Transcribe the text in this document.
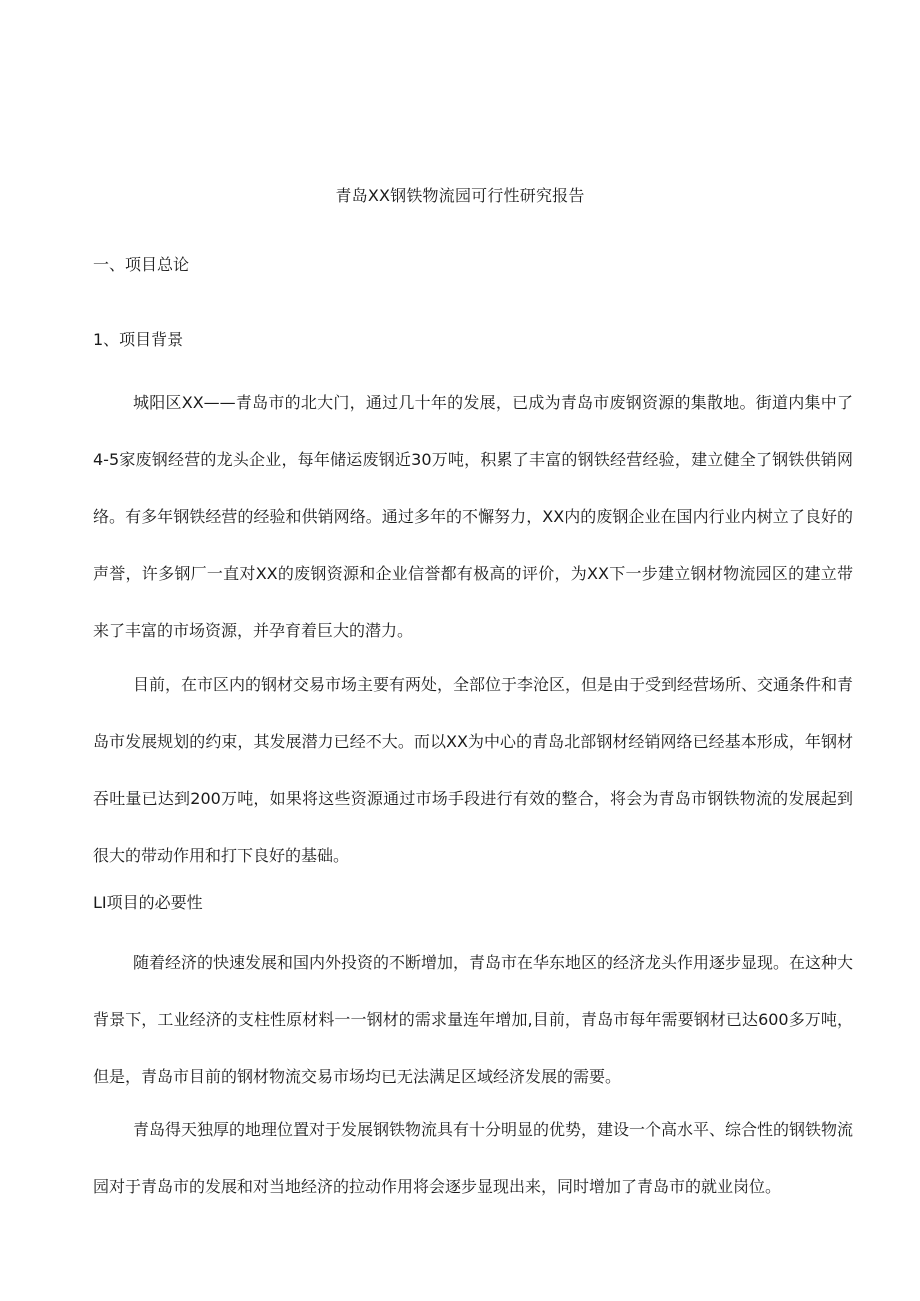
青岛XX钢铁物流园可行性研究报告
一、项目总论
1、项目背景

城阳区XX——青岛市的北大门，通过几十年的发展，已成为青岛市废钢资源的集散地。街道内集中了4-5家废钢经营的龙头企业，每年储运废钢近30万吨，积累了丰富的钢铁经营经验，建立健全了钢铁供销网络。有多年钢铁经营的经验和供销网络。通过多年的不懈努力，XX内的废钢企业在国内行业内树立了良好的声誉，许多钢厂一直对XX的废钢资源和企业信誉都有极高的评价，为XX下一步建立钢材物流园区的建立带来了丰富的市场资源，并孕育着巨大的潜力。

目前，在市区内的钢材交易市场主要有两处，全部位于李沧区，但是由于受到经营场所、交通条件和青岛市发展规划的约束，其发展潜力已经不大。而以XX为中心的青岛北部钢材经销网络已经基本形成，年钢材吞吐量已达到200万吨，如果将这些资源通过市场手段进行有效的整合，将会为青岛市钢铁物流的发展起到很大的带动作用和打下良好的基础。

LI项目的必要性

随着经济的快速发展和国内外投资的不断增加，青岛市在华东地区的经济龙头作用逐步显现。在这种大背景下，工业经济的支柱性原材料一一钢材的需求量连年增加,目前，青岛市每年需要钢材已达600多万吨，但是，青岛市目前的钢材物流交易市场均已无法满足区域经济发展的需要。

青岛得天独厚的地理位置对于发展钢铁物流具有十分明显的优势，建设一个高水平、综合性的钢铁物流园对于青岛市的发展和对当地经济的拉动作用将会逐步显现出来，同时增加了青岛市的就业岗位。
